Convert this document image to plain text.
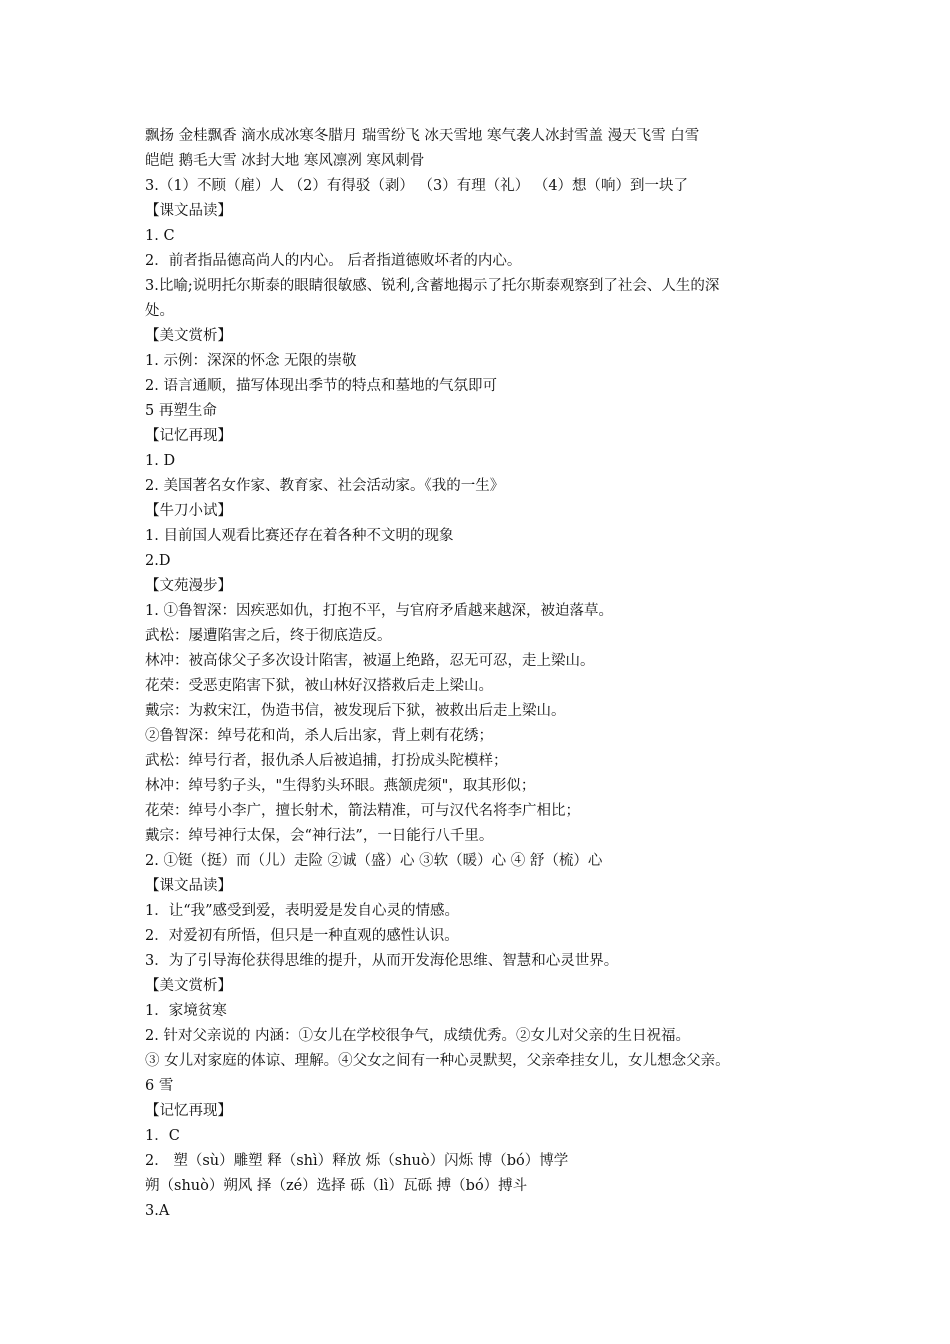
飘扬 金桂飘香 滴水成冰寒冬腊月 瑞雪纷飞 冰天雪地 寒气袭人冰封雪盖 漫天飞雪 白雪
皑皑 鹅毛大雪 冰封大地 寒风凛冽 寒风刺骨
3.（1）不顾（雇）人 （2）有得驳（剥） （3）有理（礼） （4）想（响）到一块了
【课文品读】
1. C
2．前者指品德高尚人的内心。 后者指道德败坏者的内心。
3.比喻;说明托尔斯泰的眼睛很敏感、锐利,含蓄地揭示了托尔斯泰观察到了社会、人生的深
处。
【美文赏析】
1. 示例：深深的怀念 无限的崇敬
2. 语言通顺，描写体现出季节的特点和墓地的气氛即可
5 再塑生命
【记忆再现】
1. D
2. 美国著名女作家、教育家、社会活动家。《我的一生》
【牛刀小试】
1. 目前国人观看比赛还存在着各种不文明的现象
2.D
【文苑漫步】
1. ①鲁智深：因疾恶如仇，打抱不平，与官府矛盾越来越深，被迫落草。
武松：屡遭陷害之后，终于彻底造反。
林冲：被高俅父子多次设计陷害，被逼上绝路，忍无可忍，走上梁山。
花荣：受恶吏陷害下狱，被山林好汉搭救后走上梁山。
戴宗：为救宋江，伪造书信，被发现后下狱，被救出后走上梁山。
②鲁智深：绰号花和尚，杀人后出家，背上刺有花绣；
武松：绰号行者，报仇杀人后被追捕，打扮成头陀模样；
林冲：绰号豹子头，"生得豹头环眼。燕颔虎须"，取其形似；
花荣：绰号小李广，擅长射术，箭法精准，可与汉代名将李广相比；
戴宗：绰号神行太保，会“神行法”，一日能行八千里。
2. ①铤（挺）而（儿）走险 ②诚（盛）心 ③软（暖）心 ④ 舒（梳）心
【课文品读】
1．让“我”感受到爱，表明爱是发自心灵的情感。
2．对爱初有所悟，但只是一种直观的感性认识。
3．为了引导海伦获得思维的提升，从而开发海伦思维、智慧和心灵世界。
【美文赏析】
1．家境贫寒
2. 针对父亲说的 内涵：①女儿在学校很争气，成绩优秀。②女儿对父亲的生日祝福。
③ 女儿对家庭的体谅、理解。④父女之间有一种心灵默契，父亲牵挂女儿，女儿想念父亲。
6 雪
【记忆再现】
1．C
2． 塑（sù）雕塑 释（shì）释放 烁（shuò）闪烁 博（bó）博学
朔（shuò）朔风 择（zé）选择 砾（lì）瓦砾 搏（bó）搏斗
3.A
